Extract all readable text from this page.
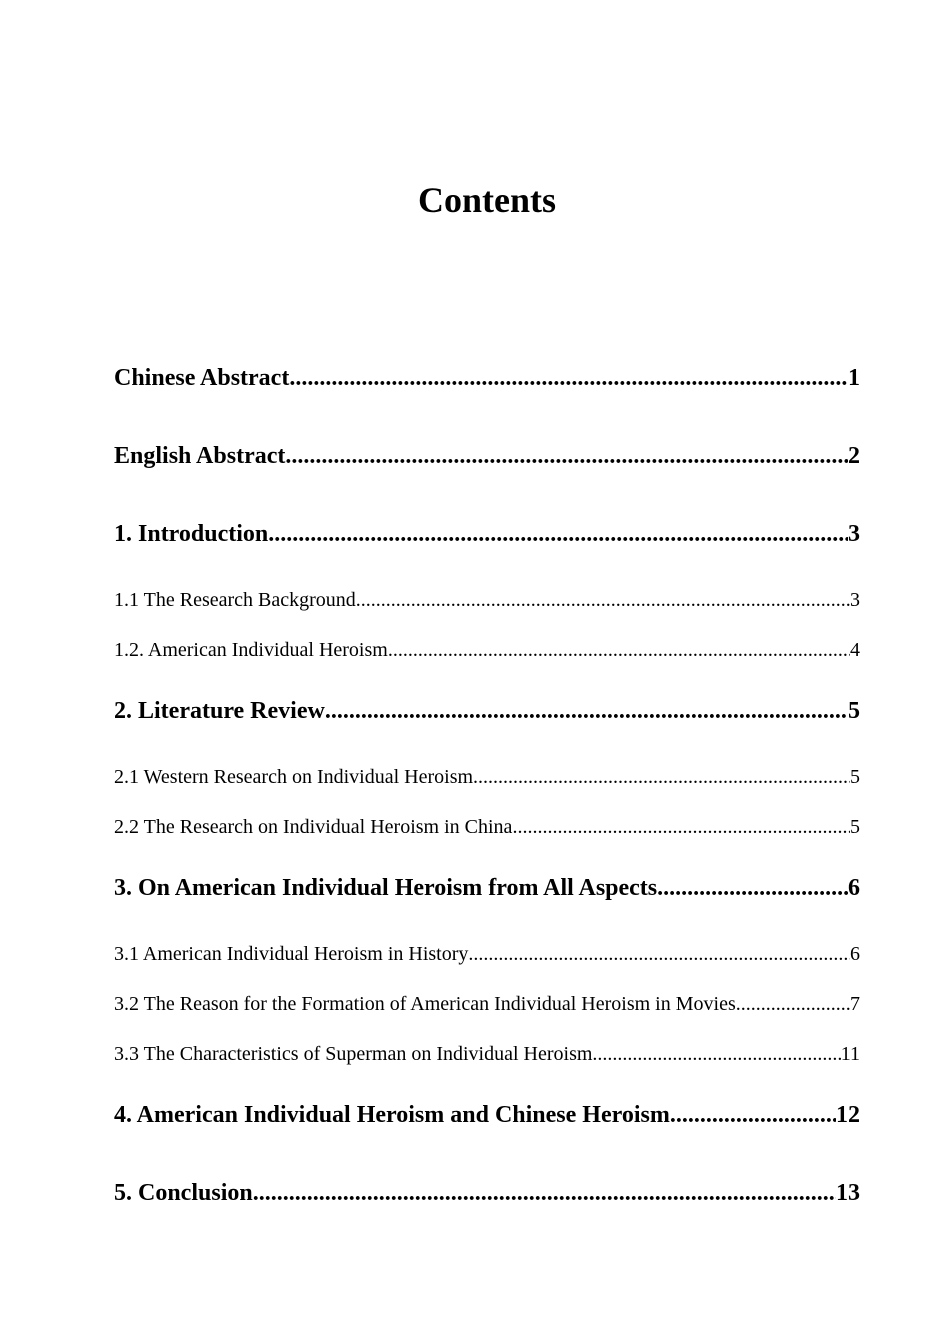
Contents
Chinese Abstract .....	1
English Abstract .....	2
1. Introduction .....	3
1.1 The Research Background .....	3
1.2. American Individual Heroism .....	4
2. Literature Review .....	5
2.1 Western Research on Individual Heroism .....	5
2.2 The Research on Individual Heroism in China .....	5
3. On American Individual Heroism from All Aspects .....	6
3.1 American Individual Heroism in History .....	6
3.2 The Reason for the Formation of American Individual Heroism in Movies .....	7
3.3 The Characteristics of Superman on Individual Heroism .....	11
4. American Individual Heroism and Chinese Heroism .....	12
5. Conclusion .....	13
